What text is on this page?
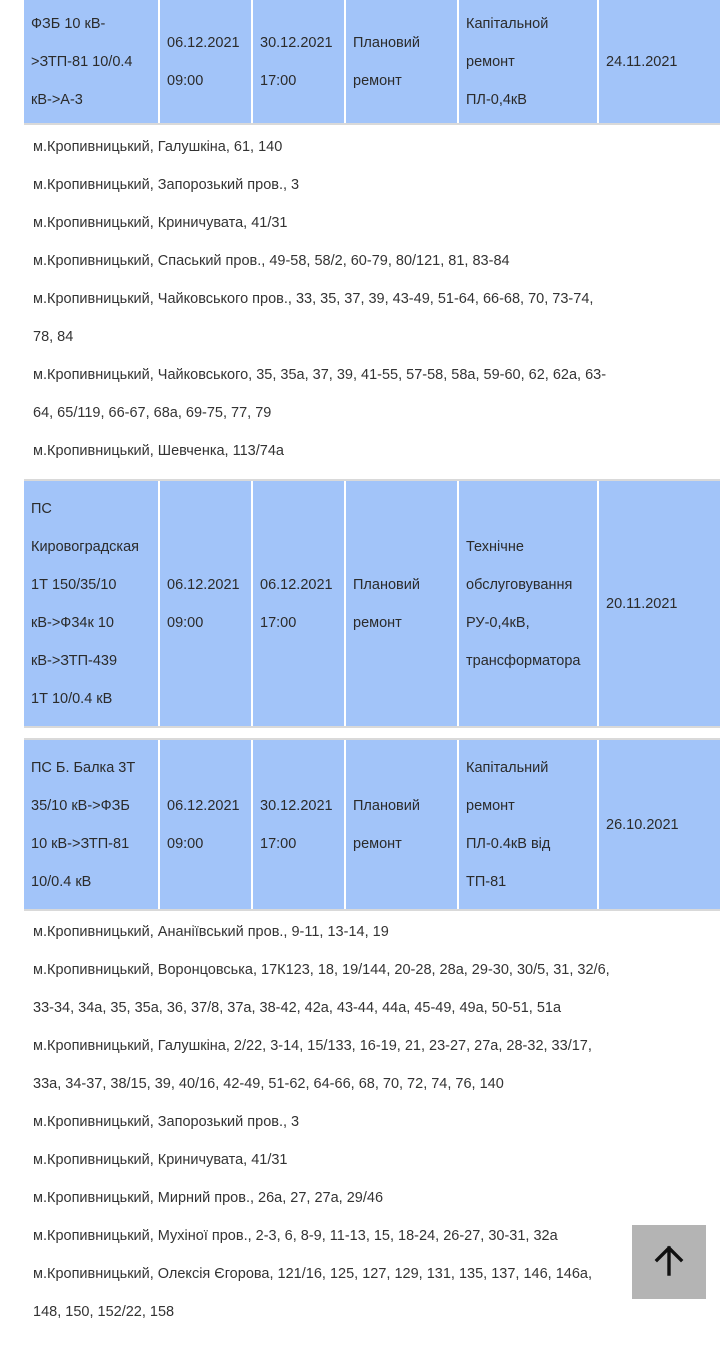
ФЗБ 10 кВ-
>ЗТП-81 10/0.4
кВ->А-3
06.12.2021
09:00
30.12.2021
17:00
Плановий
ремонт
Капітальной
ремонт
ПЛ-0,4кВ
24.11.2021
м.Кропивницький, Галушкіна, 61, 140
м.Кропивницький, Запорозький пров., 3
м.Кропивницький, Криничувата, 41/31
м.Кропивницький, Спаський пров., 49-58, 58/2, 60-79, 80/121, 81, 83-84
м.Кропивницький, Чайковського пров., 33, 35, 37, 39, 43-49, 51-64, 66-68, 70, 73-74, 78, 84
м.Кропивницький, Чайковського, 35, 35а, 37, 39, 41-55, 57-58, 58а, 59-60, 62, 62а, 63-64, 65/119, 66-67, 68а, 69-75, 77, 79
м.Кропивницький, Шевченка, 113/74а
ПС
Кировоградская
1Т 150/35/10
кВ->Ф34к 10
кВ->ЗТП-439
1Т 10/0.4 кВ
06.12.2021
09:00
06.12.2021
17:00
Плановий
ремонт
Технічне
обслуговування
РУ-0,4кВ,
трансформатора
20.11.2021
ПС Б. Балка 3Т
35/10 кВ->ФЗБ
10 кВ->ЗТП-81
10/0.4 кВ
06.12.2021
09:00
30.12.2021
17:00
Плановий
ремонт
Капітальний
ремонт
ПЛ-0.4кВ від
ТП-81
26.10.2021
м.Кропивницький, Ананіївський пров., 9-11, 13-14, 19
м.Кропивницький, Воронцовська, 17К123, 18, 19/144, 20-28, 28а, 29-30, 30/5, 31, 32/6, 33-34, 34а, 35, 35а, 36, 37/8, 37а, 38-42, 42а, 43-44, 44а, 45-49, 49а, 50-51, 51а
м.Кропивницький, Галушкіна, 2/22, 3-14, 15/133, 16-19, 21, 23-27, 27а, 28-32, 33/17, 33а, 34-37, 38/15, 39, 40/16, 42-49, 51-62, 64-66, 68, 70, 72, 74, 76, 140
м.Кропивницький, Запорозький пров., 3
м.Кропивницький, Криничувата, 41/31
м.Кропивницький, Мирний пров., 26а, 27, 27а, 29/46
м.Кропивницький, Мухіної пров., 2-3, 6, 8-9, 11-13, 15, 18-24, 26-27, 30-31, 32а
м.Кропивницький, Олексія Єгорова, 121/16, 125, 127, 129, 131, 135, 137, 146, 146а, 148, 150, 152/22, 158
